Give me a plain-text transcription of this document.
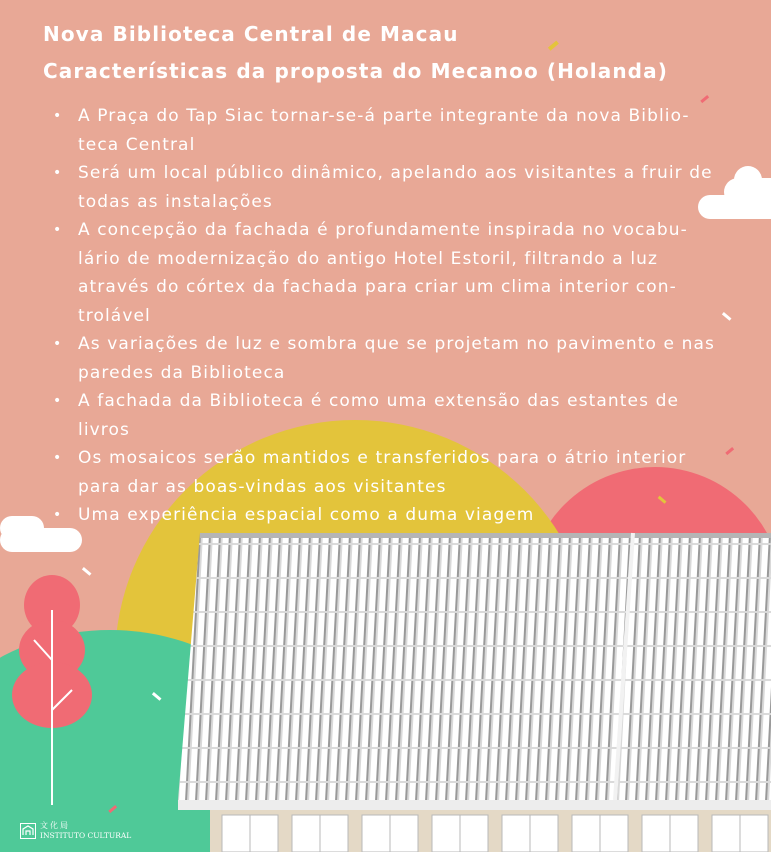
Nova Biblioteca Central de Macau
Características da proposta do Mecanoo (Holanda)
• A Praça do Tap Siac tornar-se-á parte integrante da nova Biblio-teca Central
• Será um local público dinâmico, apelando aos visitantes a fruir de todas as instalações
• A concepção da fachada é profundamente inspirada no vocabu-lário de modernização do antigo Hotel Estoril, filtrando a luz através do córtex da fachada para criar um clima interior con-trolável
• As variações de luz e sombra que se projetam no pavimento e nas paredes da Biblioteca
• A fachada da Biblioteca é como uma extensão das estantes de livros
• Os mosaicos serão mantidos e transferidos para o átrio interior para dar as boas-vindas aos visitantes
• Uma experiência espacial como a duma viagem
文化局
INSTITUTO CULTURAL
